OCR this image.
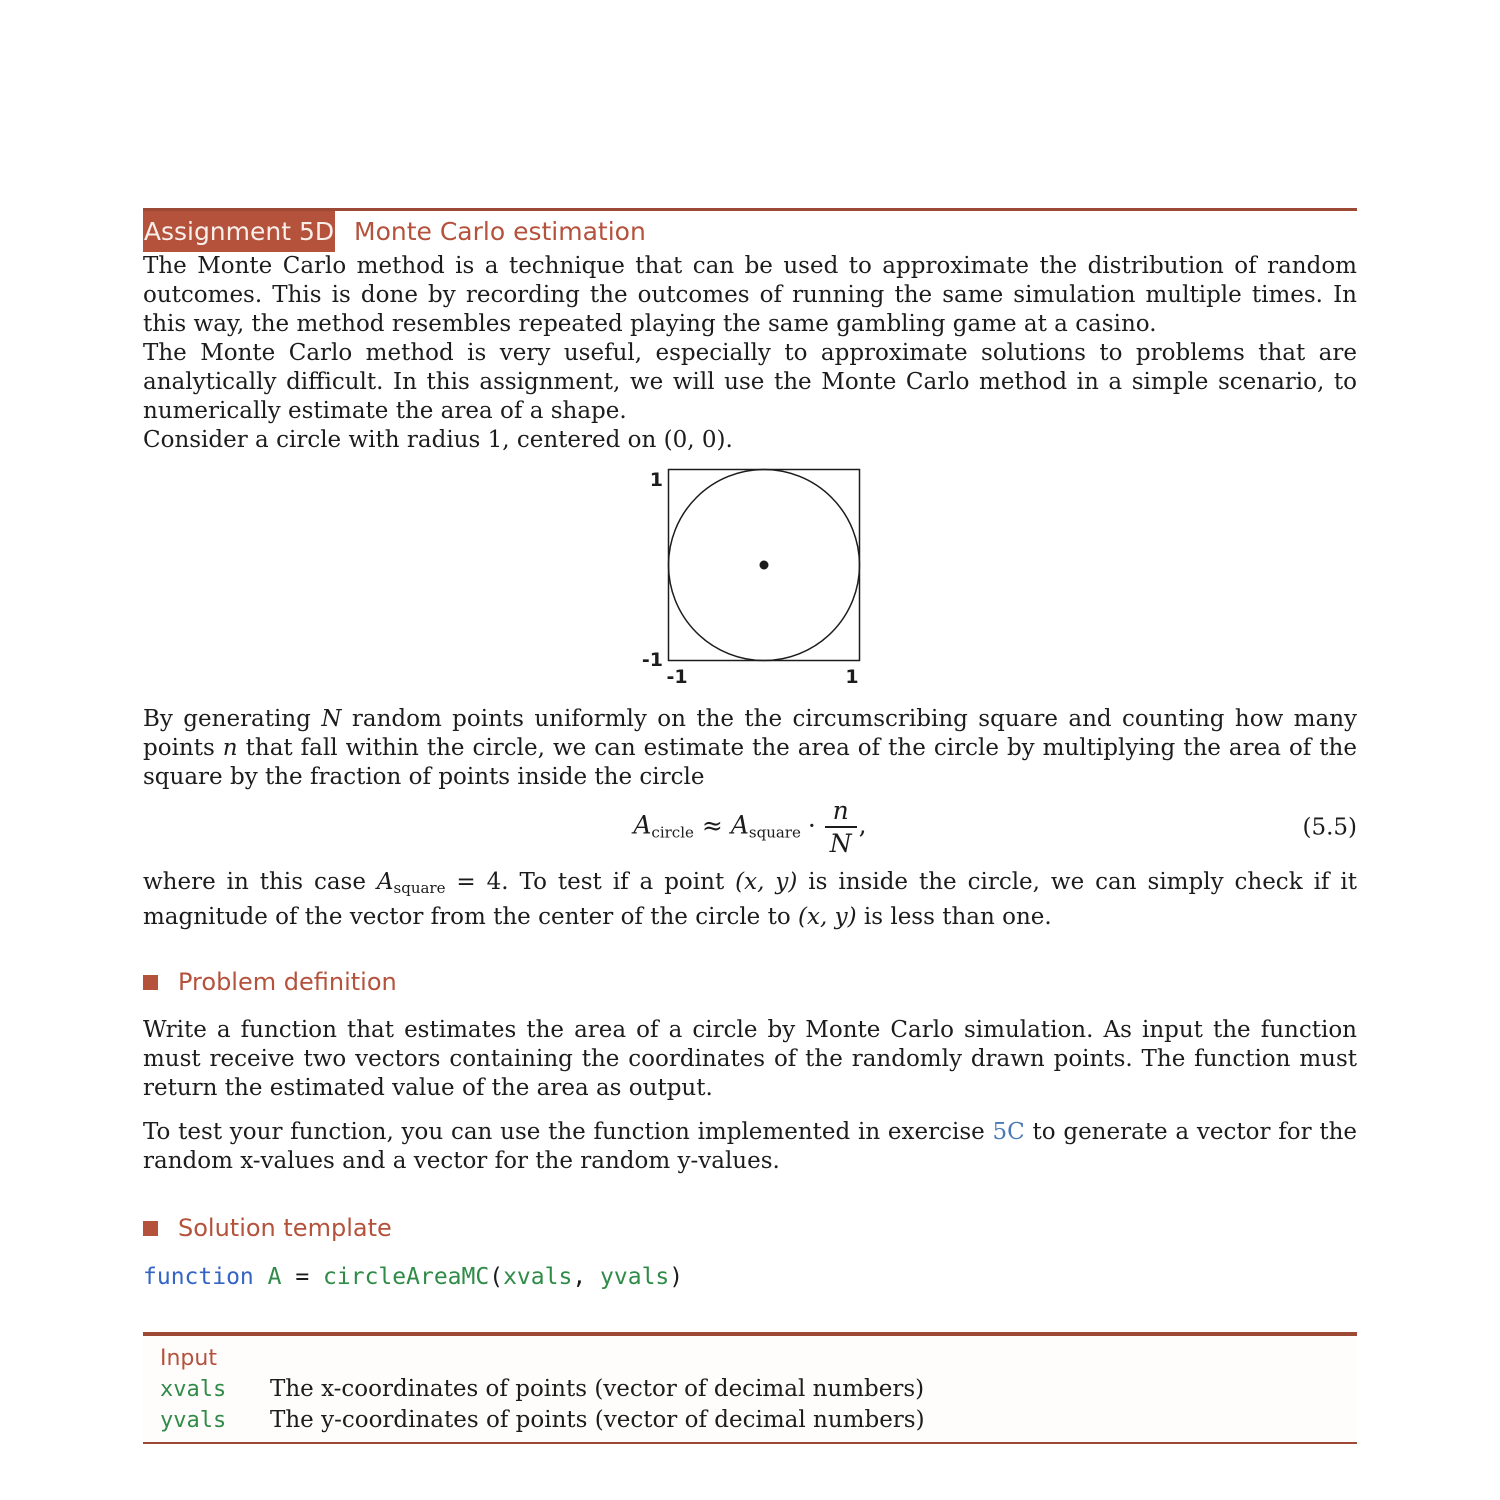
Assignment 5D Monte Carlo estimation

The Monte Carlo method is a technique that can be used to approximate the distribution of random outcomes. This is done by recording the outcomes of running the same simulation multiple times. In this way, the method resembles repeated playing the same gambling game at a casino.

The Monte Carlo method is very useful, especially to approximate solutions to problems that are analytically difficult. In this assignment, we will use the Monte Carlo method in a simple scenario, to numerically estimate the area of a shape.

Consider a circle with radius 1, centered on (0, 0).

1
-1
-1	1

By generating N random points uniformly on the the circumscribing square and counting how many points n that fall within the circle, we can estimate the area of the circle by multiplying the area of the square by the fraction of points inside the circle

$A_{circle} \approx A_{square} \cdot \frac{n}{N}$ ,	(5.5)

where in this case $A_{square} = 4$. To test if a point (x, y) is inside the circle, we can simply check if it magnitude of the vector from the center of the circle to (x, y) is less than one.

Problem definition

Write a function that estimates the area of a circle by Monte Carlo simulation. As input the function must receive two vectors containing the coordinates of the randomly drawn points. The function must return the estimated value of the area as output.

To test your function, you can use the function implemented in exercise 5C to generate a vector for the random x-values and a vector for the random y-values.

Solution template
function A = circleAreaMC(xvals, yvals)
Input
xvals	The x-coordinates of points (vector of decimal numbers)
yvals	The y-coordinates of points (vector of decimal numbers)
